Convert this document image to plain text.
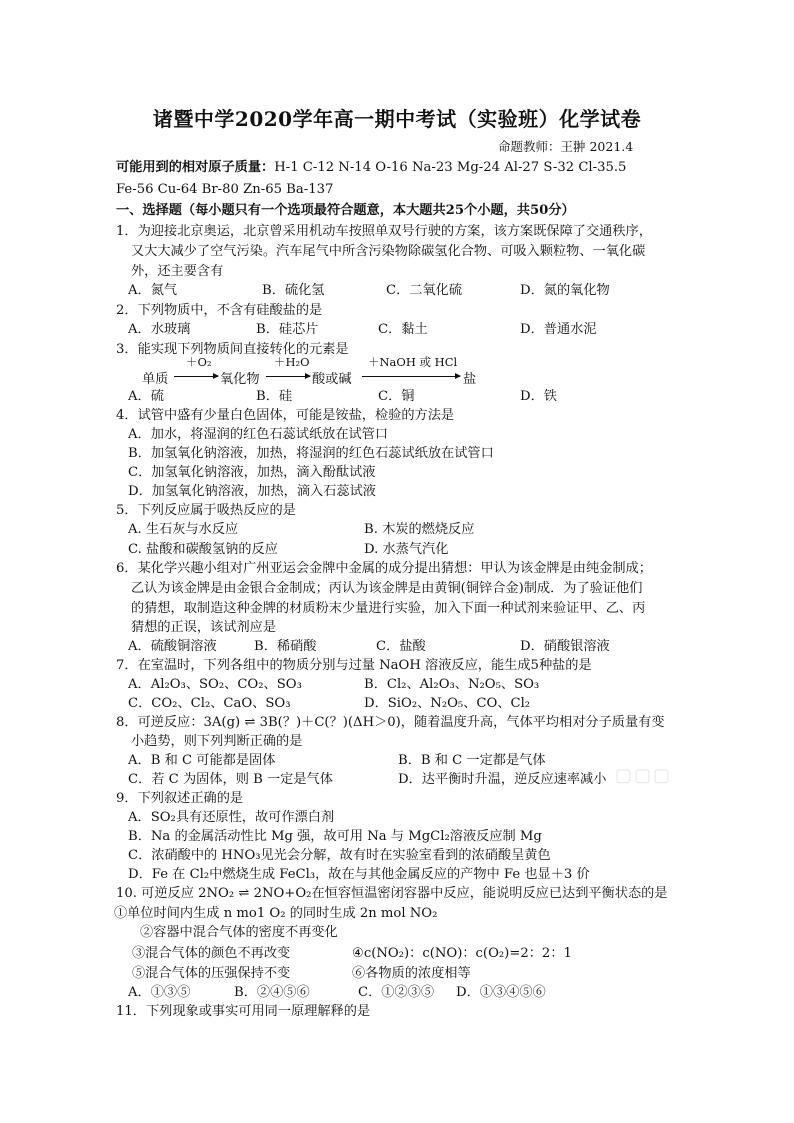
诸暨中学2020学年高一期中考试（实验班）化学试卷
命题教师：王翀 2021.4
可能用到的相对原子质量：H-1 C-12 N-14 O-16 Na-23 Mg-24 Al-27 S-32 Cl-35.5
Fe-56 Cu-64 Br-80 Zn-65 Ba-137
一、选择题（每小题只有一个选项最符合题意，本大题共25个小题，共50分）
1．为迎接北京奥运，北京曾采用机动车按照单双号行驶的方案，该方案既保障了交通秩序，
又大大减少了空气污染。汽车尾气中所含污染物除碳氢化合物、可吸入颗粒物、一氧化碳
外，还主要含有
A．氮气	B．硫化氢	C．二氧化硫	D．氮的氧化物
2．下列物质中，不含有硅酸盐的是
A．水玻璃	B．硅芯片	C．黏土	D．普通水泥
3．能实现下列物质间直接转化的元素是
单质
＋O₂
氧化物
＋H₂O
酸或碱
＋NaOH 或 HCl
盐
A．硫	B．硅	C．铜	D．铁
4．试管中盛有少量白色固体，可能是铵盐，检验的方法是
A．加水，将湿润的红色石蕊试纸放在试管口
B．加氢氧化钠溶液，加热，将湿润的红色石蕊试纸放在试管口
C．加氢氧化钠溶液，加热，滴入酚酞试液
D．加氢氧化钠溶液，加热，滴入石蕊试液
5．下列反应属于吸热反应的是
A. 生石灰与水反应	B. 木炭的燃烧反应
C. 盐酸和碳酸氢钠的反应	D. 水蒸气汽化
6．某化学兴趣小组对广州亚运会金牌中金属的成分提出猜想：甲认为该金牌是由纯金制成；
乙认为该金牌是由金银合金制成；丙认为该金牌是由黄铜(铜锌合金)制成．为了验证他们
的猜想，取制造这种金牌的材质粉末少量进行实验，加入下面一种试剂来验证甲、乙、丙
猜想的正误，该试剂应是
A．硫酸铜溶液	B．稀硝酸	C．盐酸	D．硝酸银溶液
7．在室温时，下列各组中的物质分别与过量 NaOH 溶液反应，能生成5种盐的是
A．Al₂O₃、SO₂、CO₂、SO₃	B．Cl₂、Al₂O₃、N₂O₅、SO₃
C．CO₂、Cl₂、CaO、SO₃	D．SiO₂、N₂O₅、CO、Cl₂
8．可逆反应：3A(g) ⇌ 3B(？)＋C(？)(ΔH＞0)，随着温度升高，气体平均相对分子质量有变
小趋势，则下列判断正确的是
A．B 和 C 可能都是固体	B．B 和 C 一定都是气体
C．若 C 为固体，则 B 一定是气体	D．达平衡时升温，逆反应速率减小 ▢▢▢
9．下列叙述正确的是
A．SO₂具有还原性，故可作漂白剂
B．Na 的金属活动性比 Mg 强，故可用 Na 与 MgCl₂溶液反应制 Mg
C．浓硝酸中的 HNO₃见光会分解，故有时在实验室看到的浓硝酸呈黄色
D．Fe 在 Cl₂中燃烧生成 FeCl₃，故在与其他金属反应的产物中 Fe 也显＋3 价
10. 可逆反应 2NO₂ ⇌ 2NO+O₂在恒容恒温密闭容器中反应，能说明反应已达到平衡状态的是
①单位时间内生成 n mo1 O₂ 的同时生成 2n mol NO₂
②容器中混合气体的密度不再变化
③混合气体的颜色不再改变	④c(NO₂)：c(NO)：c(O₂)=2：2：1
⑤混合气体的压强保持不变	⑥各物质的浓度相等
A．①③⑤	B．②④⑤⑥	C．①②③⑤ D．①③④⑤⑥
11．下列现象或事实可用同一原理解释的是
